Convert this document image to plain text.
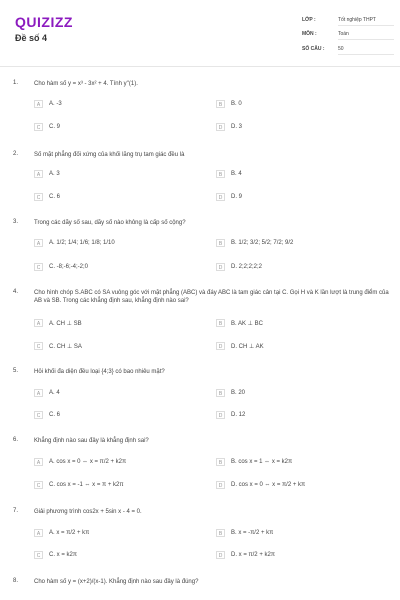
QUIZIZZ
Đề số 4
LỚP :	Tốt nghiệp THPT
MÔN :	Toán
SỐ CÂU :	50
1.	Cho hàm số y = x³ - 3x² + 4. Tính y''(1).
A	A. -3	B	B. 0
C	C. 9	D	D. 3
2.	Số mặt phẳng đối xứng của khối lăng trụ tam giác đều là
A	A. 3	B	B. 4
C	C. 6	D	D. 9
3.	Trong các dãy số sau, dãy số nào không là cấp số cộng?
A	A. 1/2; 1/4; 1/6; 1/8; 1/10	B	B. 1/2; 3/2; 5/2; 7/2; 9/2
C	C. -8;-6;-4;-2;0	D	D. 2;2;2;2;2
4.	Cho hình chóp S.ABC có SA vuông góc với mặt phẳng (ABC) và đáy ABC là tam giác cân tại C. Gọi H và K lần lượt là trung điểm của AB và SB. Trong các khẳng định sau, khẳng định nào sai?
A	A. CH ⊥ SB	B	B. AK ⊥ BC
C	C. CH ⊥ SA	D	D. CH ⊥ AK
5.	Hỏi khối đa diện đều loại {4;3} có bao nhiêu mặt?
A	A. 4	B	B. 20
C	C. 6	D	D. 12
6.	Khẳng định nào sau đây là khẳng định sai?
A	A. cos x = 0 ⇔ x = π/2 + k2π	B	B. cos x = 1 ⇔ x = k2π
C	C. cos x = -1 ⇔ x = π + k2π	D	D. cos x = 0 ⇔ x = π/2 + kπ
7.	Giải phương trình cos2x + 5sin x - 4 = 0.
A	A. x = π/2 + kπ	B	B. x = -π/2 + kπ
C	C. x = k2π	D	D. x = π/2 + k2π
8.	Cho hàm số y = (x+2)/(x-1). Khẳng định nào sau đây là đúng?
